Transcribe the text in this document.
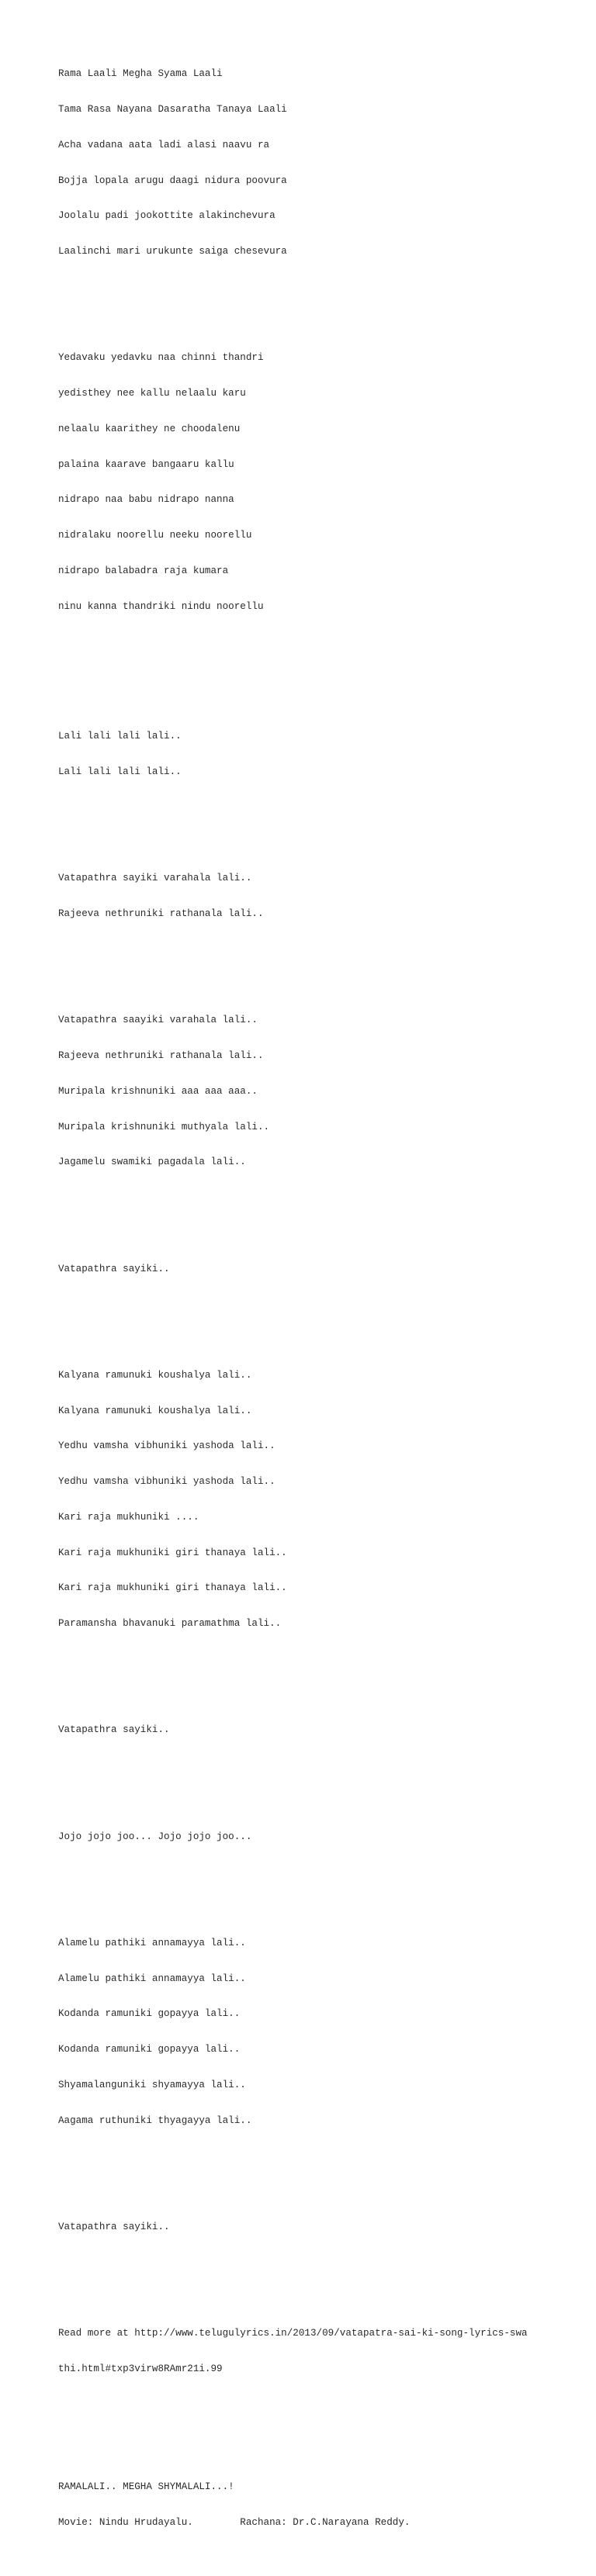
Rama Laali Megha Syama Laali

Tama Rasa Nayana Dasaratha Tanaya Laali

Acha vadana aata ladi alasi naavu ra

Bojja lopala arugu daagi nidura poovura

Joolalu padi jookottite alakinchevura

Laalinchi mari urukunte saiga chesevura

Yedavaku yedavku naa chinni thandri

yedisthey nee kallu nelaalu karu

nelaalu kaarithey ne choodalenu

palaina kaarave bangaaru kallu

nidrapo naa babu nidrapo nanna

nidralaku noorellu neeku noorellu

nidrapo balabadra raja kumara

ninu kanna thandriki nindu noorellu

Lali lali lali lali..

Lali lali lali lali..

Vatapathra sayiki varahala lali..

Rajeeva nethruniki rathanala lali..

Vatapathra saayiki varahala lali..

Rajeeva nethruniki rathanala lali..

Muripala krishnuniki aaa aaa aaa..

Muripala krishnuniki muthyala lali..

Jagamelu swamiki pagadala lali..

Vatapathra sayiki..

Kalyana ramunuki koushalya lali..

Kalyana ramunuki koushalya lali..

Yedhu vamsha vibhuniki yashoda lali..

Yedhu vamsha vibhuniki yashoda lali..

Kari raja mukhuniki ....

Kari raja mukhuniki giri thanaya lali..

Kari raja mukhuniki giri thanaya lali..

Paramansha bhavanuki paramathma lali..

Vatapathra sayiki..

Jojo jojo joo... Jojo jojo joo...

Alamelu pathiki annamayya lali..

Alamelu pathiki annamayya lali..

Kodanda ramuniki gopayya lali..

Kodanda ramuniki gopayya lali..

Shyamalanguniki shyamayya lali..

Aagama ruthuniki thyagayya lali..

Vatapathra sayiki..

Read more at http://www.telugulyrics.in/2013/09/vatapatra-sai-ki-song-lyrics-swa

thi.html#txp3virw8RAmr21i.99

RAMALALI.. MEGHA SHYMALALI...!

Movie: Nindu Hrudayalu.        Rachana: Dr.C.Narayana Reddy.
